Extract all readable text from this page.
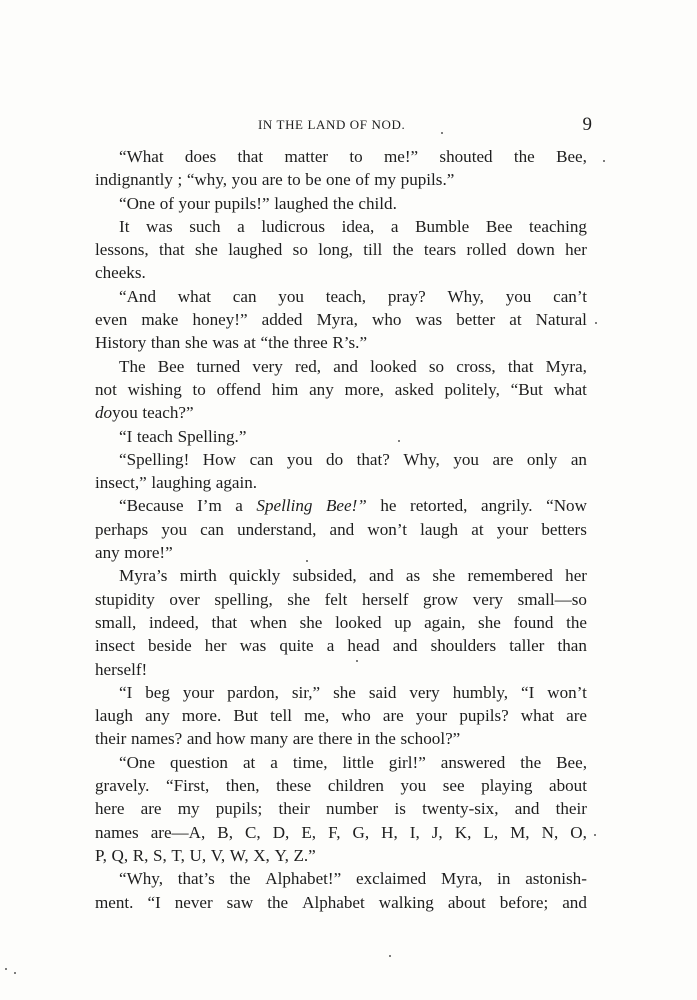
IN THE LAND OF NOD.	9
“What does that matter to me!” shouted the Bee,
indignantly ; “why, you are to be one of my pupils.”
“One of your pupils!” laughed the child.
It was such a ludicrous idea, a Bumble Bee teaching
lessons, that she laughed so long, till the tears rolled down her
cheeks.
“And what can you teach, pray? Why, you can’t
even make honey!” added Myra, who was better at Natural
History than she was at “the three R’s.”
The Bee turned very red, and looked so cross, that Myra,
not wishing to offend him any more, asked politely, “But what
do you teach?”
“I teach Spelling.”
“Spelling! How can you do that? Why, you are only an
insect,” laughing again.
“Because I’m a Spelling Bee!” he retorted, angrily. “Now
perhaps you can understand, and won’t laugh at your betters
any more!”
Myra’s mirth quickly subsided, and as she remembered her
stupidity over spelling, she felt herself grow very small—so
small, indeed, that when she looked up again, she found the
insect beside her was quite a head and shoulders taller than
herself!
“I beg your pardon, sir,” she said very humbly, “I won’t
laugh any more. But tell me, who are your pupils? what are
their names? and how many are there in the school?”
“One question at a time, little girl!” answered the Bee,
gravely. “First, then, these children you see playing about
here are my pupils; their number is twenty-six, and their
names are—A, B, C, D, E, F, G, H, I, J, K, L, M, N, O,
P, Q, R, S, T, U, V, W, X, Y, Z.”
“Why, that’s the Alphabet!” exclaimed Myra, in astonish-
ment. “I never saw the Alphabet walking about before; and
